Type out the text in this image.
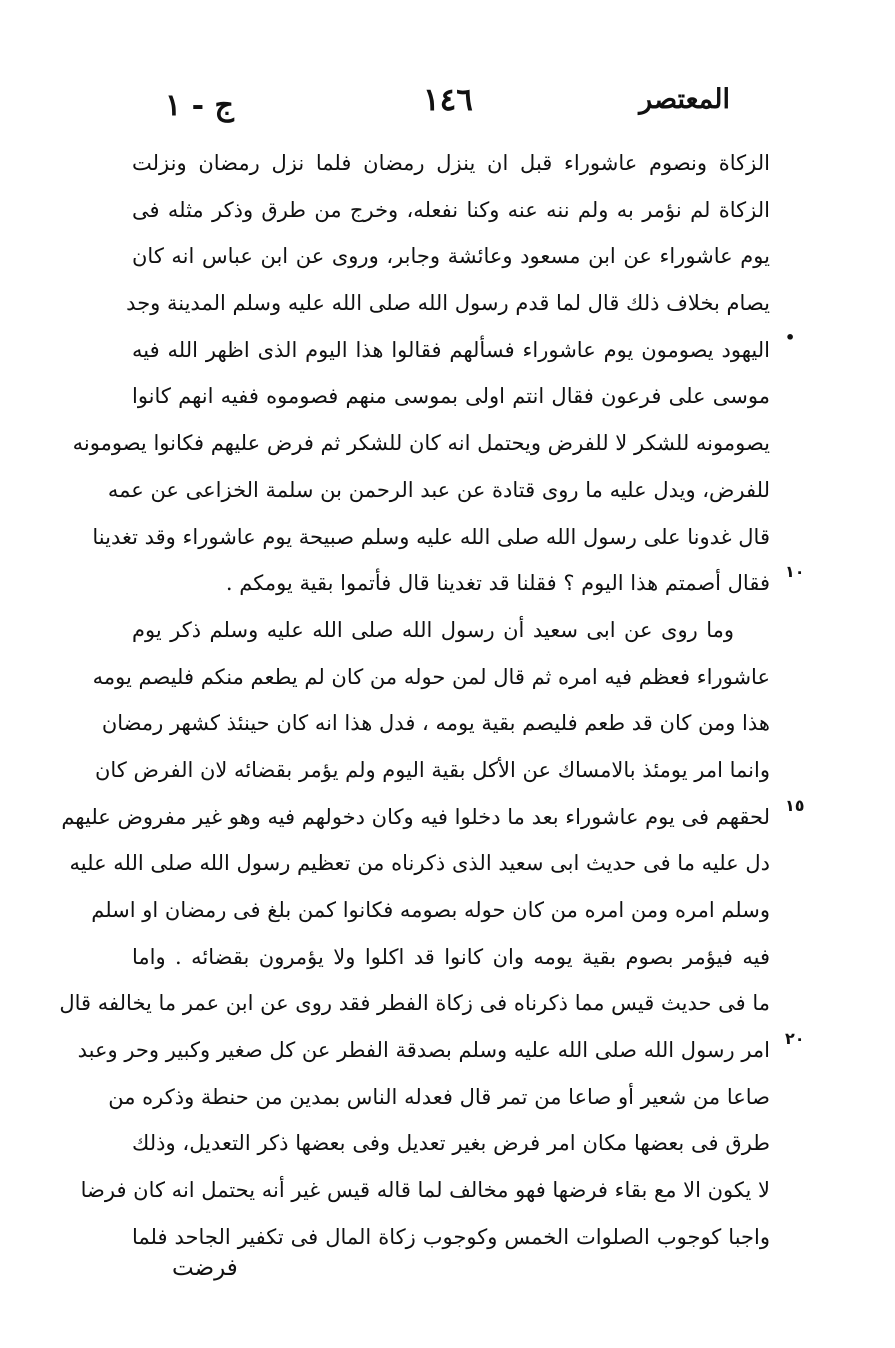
ج - ١	١٤٦	المعتصر
•
١٠
١٥
٢٠
الزكاة ونصوم عاشوراء قبل ان ينزل رمضان فلما نزل رمضان ونزلت
الزكاة لم نؤمر به ولم ننه عنه وكنا نفعله، وخرج من طرق وذكر مثله فى
يوم عاشوراء عن ابن مسعود وعائشة وجابر، وروى عن ابن عباس انه كان
يصام بخلاف ذلك قال لما قدم رسول الله صلى الله عليه وسلم المدينة وجد
اليهود يصومون يوم عاشوراء فسألهم فقالوا هذا اليوم الذى اظهر الله فيه
موسى على فرعون فقال انتم اولى بموسى منهم فصوموه ففيه انهم كانوا
يصومونه للشكر لا للفرض ويحتمل انه كان للشكر ثم فرض عليهم فكانوا يصومونه
للفرض، ويدل عليه ما روى قتادة عن عبد الرحمن بن سلمة الخزاعى عن عمه
قال غدونا على رسول الله صلى الله عليه وسلم صبيحة يوم عاشوراء وقد تغدينا
فقال أصمتم هذا اليوم ؟ فقلنا قد تغدينا قال فأتموا بقية يومكم .
وما روى عن ابى سعيد أن رسول الله صلى الله عليه وسلم ذكر يوم
عاشوراء فعظم فيه امره ثم قال لمن حوله من كان لم يطعم منكم فليصم يومه
هذا ومن كان قد طعم فليصم بقية يومه ، فدل هذا انه كان حينئذ كشهر رمضان
وانما امر يومئذ بالامساك عن الأكل بقية اليوم ولم يؤمر بقضائه لان الفرض كان
لحقهم فى يوم عاشوراء بعد ما دخلوا فيه وكان دخولهم فيه وهو غير مفروض عليهم
دل عليه ما فى حديث ابى سعيد الذى ذكرناه من تعظيم رسول الله صلى الله عليه
وسلم امره ومن امره من كان حوله بصومه فكانوا كمن بلغ فى رمضان او اسلم
فيه فيؤمر بصوم بقية يومه وان كانوا قد اكلوا ولا يؤمرون بقضائه . واما
ما فى حديث قيس مما ذكرناه فى زكاة الفطر فقد روى عن ابن عمر ما يخالفه قال
امر رسول الله صلى الله عليه وسلم بصدقة الفطر عن كل صغير وكبير وحر وعبد
صاعا من شعير أو صاعا من تمر قال فعدله الناس بمدين من حنطة وذكره من
طرق فى بعضها مكان امر فرض بغير تعديل وفى بعضها ذكر التعديل، وذلك
لا يكون الا مع بقاء فرضها فهو مخالف لما قاله قيس غير أنه يحتمل انه كان فرضا
واجبا كوجوب الصلوات الخمس وكوجوب زكاة المال فى تكفير الجاحد فلما
فرضت
